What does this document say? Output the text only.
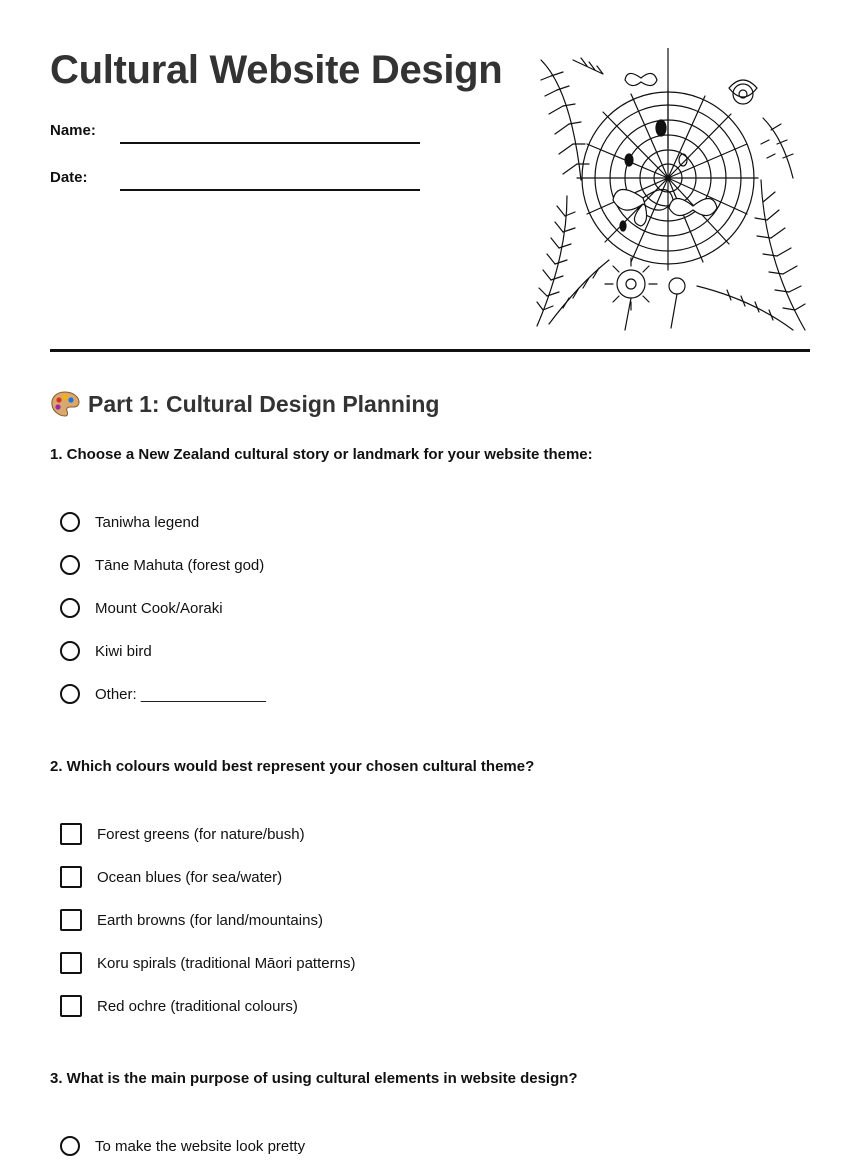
Cultural Website Design
Name:
Date:
Part 1: Cultural Design Planning
1. Choose a New Zealand cultural story or landmark for your website theme:
Taniwha legend
Tāne Mahuta (forest god)
Mount Cook/Aoraki
Kiwi bird
Other: _______________
2. Which colours would best represent your chosen cultural theme?
Forest greens (for nature/bush)
Ocean blues (for sea/water)
Earth browns (for land/mountains)
Koru spirals (traditional Māori patterns)
Red ochre (traditional colours)
3. What is the main purpose of using cultural elements in website design?
To make the website look pretty
